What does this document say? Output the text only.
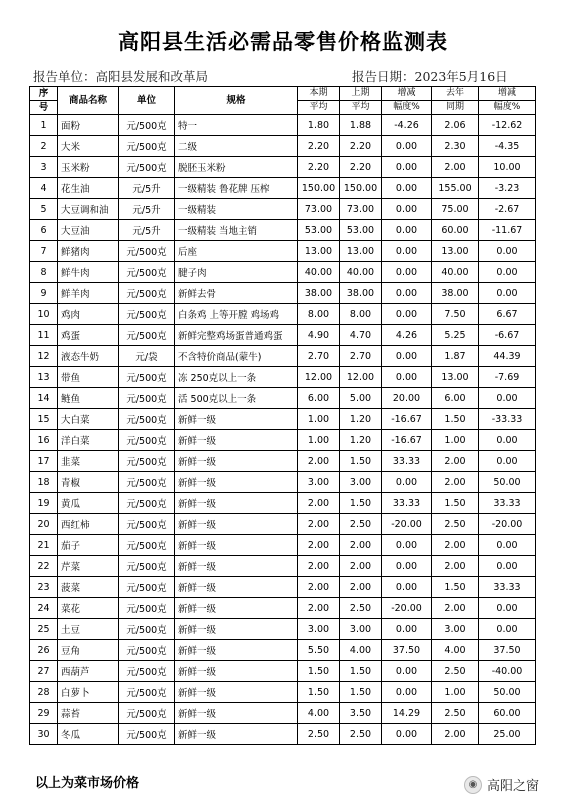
高阳县生活必需品零售价格监测表
报告单位：高阳县发展和改革局	报告日期：2023年5月16日
序	商品名称	单位	规格	本期	上期	增减	去年	增减
号				平均	平均	幅度%	同期	幅度%
1	面粉	元/500克	特一	1.80	1.88	-4.26	2.06	-12.62
2	大米	元/500克	二级	2.20	2.20	0.00	2.30	-4.35
3	玉米粉	元/500克	脱胚玉米粉	2.20	2.20	0.00	2.00	10.00
4	花生油	元/5升	一级精装 鲁花牌 压榨	150.00	150.00	0.00	155.00	-3.23
5	大豆调和油	元/5升	一级精装	73.00	73.00	0.00	75.00	-2.67
6	大豆油	元/5升	一级精装 当地主销	53.00	53.00	0.00	60.00	-11.67
7	鲜猪肉	元/500克	后座	13.00	13.00	0.00	13.00	0.00
8	鲜牛肉	元/500克	腱子肉	40.00	40.00	0.00	40.00	0.00
9	鲜羊肉	元/500克	新鲜去骨	38.00	38.00	0.00	38.00	0.00
10	鸡肉	元/500克	白条鸡 上等开膛 鸡场鸡	8.00	8.00	0.00	7.50	6.67
11	鸡蛋	元/500克	新鲜完整鸡场蛋普通鸡蛋	4.90	4.70	4.26	5.25	-6.67
12	液态牛奶	元/袋	不含特价商品(蒙牛)	2.70	2.70	0.00	1.87	44.39
13	带鱼	元/500克	冻 250克以上一条	12.00	12.00	0.00	13.00	-7.69
14	鲢鱼	元/500克	活 500克以上一条	6.00	5.00	20.00	6.00	0.00
15	大白菜	元/500克	新鲜一级	1.00	1.20	-16.67	1.50	-33.33
16	洋白菜	元/500克	新鲜一级	1.00	1.20	-16.67	1.00	0.00
17	韭菜	元/500克	新鲜一级	2.00	1.50	33.33	2.00	0.00
18	青椒	元/500克	新鲜一级	3.00	3.00	0.00	2.00	50.00
19	黄瓜	元/500克	新鲜一级	2.00	1.50	33.33	1.50	33.33
20	西红柿	元/500克	新鲜一级	2.00	2.50	-20.00	2.50	-20.00
21	茄子	元/500克	新鲜一级	2.00	2.00	0.00	2.00	0.00
22	芹菜	元/500克	新鲜一级	2.00	2.00	0.00	2.00	0.00
23	菠菜	元/500克	新鲜一级	2.00	2.00	0.00	1.50	33.33
24	菜花	元/500克	新鲜一级	2.00	2.50	-20.00	2.00	0.00
25	土豆	元/500克	新鲜一级	3.00	3.00	0.00	3.00	0.00
26	豆角	元/500克	新鲜一级	5.50	4.00	37.50	4.00	37.50
27	西葫芦	元/500克	新鲜一级	1.50	1.50	0.00	2.50	-40.00
28	白萝卜	元/500克	新鲜一级	1.50	1.50	0.00	1.00	50.00
29	蒜苔	元/500克	新鲜一级	4.00	3.50	14.29	2.50	60.00
30	冬瓜	元/500克	新鲜一级	2.50	2.50	0.00	2.00	25.00
以上为菜市场价格	◉ 高阳之窗
